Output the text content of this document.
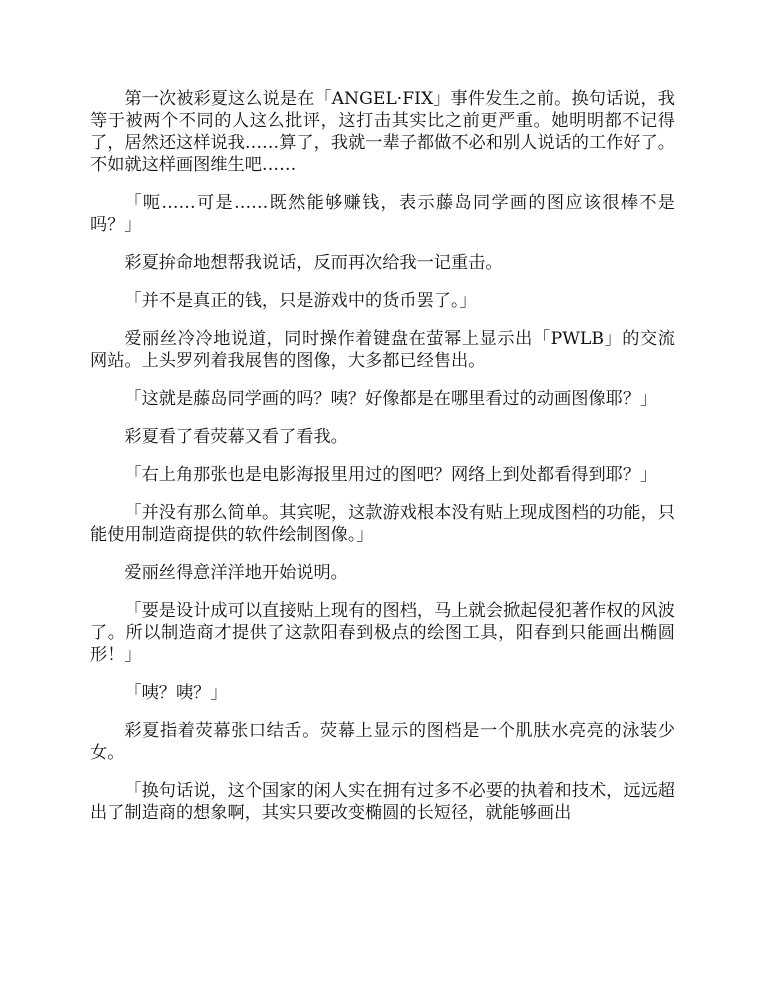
第一次被彩夏这么说是在「ANGEL·FIX」事件发生之前。换句话说，我等于被两个不同的人这么批评，这打击其实比之前更严重。她明明都不记得了，居然还这样说我……算了，我就一辈子都做不必和别人说话的工作好了。不如就这样画图维生吧……

「呃……可是……既然能够赚钱，表示藤岛同学画的图应该很棒不是吗？」

彩夏拚命地想帮我说话，反而再次给我一记重击。

「并不是真正的钱，只是游戏中的货币罢了。」

爱丽丝冷冷地说道，同时操作着键盘在萤幂上显示出「PWLB」的交流网站。上头罗列着我展售的图像，大多都已经售出。

「这就是藤岛同学画的吗？咦？好像都是在哪里看过的动画图像耶？」

彩夏看了看荧幕又看了看我。

「右上角那张也是电影海报里用过的图吧？网络上到处都看得到耶？」

「并没有那么简单。其宾呢，这款游戏根本没有贴上现成图档的功能，只能使用制造商提供的软件绘制图像。」

爱丽丝得意洋洋地开始说明。

「要是设计成可以直接贴上现有的图档，马上就会掀起侵犯著作权的风波了。所以制造商才提供了这款阳春到极点的绘图工具，阳春到只能画出椭圆形！」

「咦？咦？」

彩夏指着荧幕张口结舌。荧幕上显示的图档是一个肌肤水亮亮的泳装少女。

「换句话说，这个国家的闲人实在拥有过多不必要的执着和技术，远远超出了制造商的想象啊，其实只要改变椭圆的长短径，就能够画出
